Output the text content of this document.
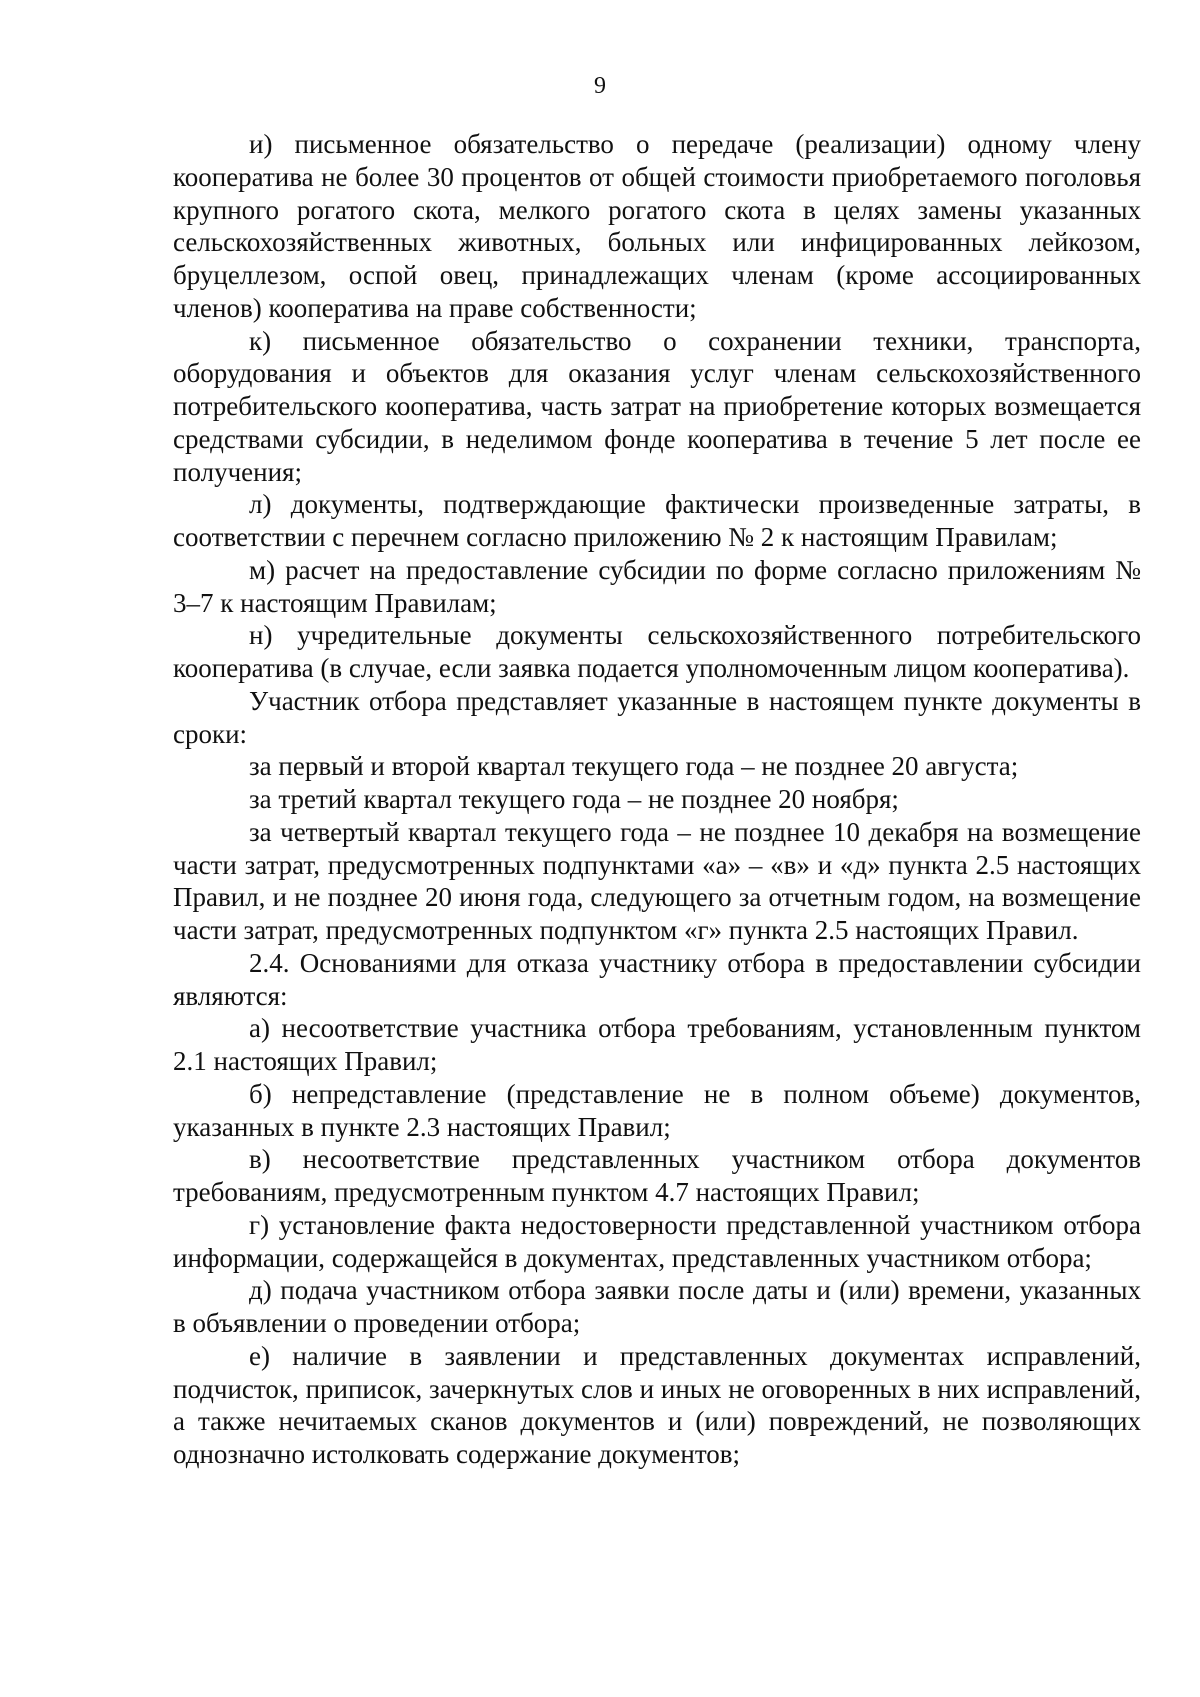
9

и) письменное обязательство о передаче (реализации) одному члену кооператива не более 30 процентов от общей стоимости приобретаемого поголовья крупного рогатого скота, мелкого рогатого скота в целях замены указанных сельскохозяйственных животных, больных или инфицированных лейкозом, бруцеллезом, оспой овец, принадлежащих членам (кроме ассоциированных членов) кооператива на праве собственности;

к) письменное обязательство о сохранении техники, транспорта, оборудования и объектов для оказания услуг членам сельскохозяйственного потребительского кооператива, часть затрат на приобретение которых возмещается средствами субсидии, в неделимом фонде кооператива в течение 5 лет после ее получения;

л) документы, подтверждающие фактически произведенные затраты, в соответствии с перечнем согласно приложению № 2 к настоящим Правилам;

м) расчет на предоставление субсидии по форме согласно приложениям № 3–7 к настоящим Правилам;

н) учредительные документы сельскохозяйственного потребительского кооператива (в случае, если заявка подается уполномоченным лицом кооператива).

Участник отбора представляет указанные в настоящем пункте документы в сроки:

за первый и второй квартал текущего года – не позднее 20 августа;

за третий квартал текущего года – не позднее 20 ноября;

за четвертый квартал текущего года – не позднее 10 декабря на возмещение части затрат, предусмотренных подпунктами «а» – «в» и «д» пункта 2.5 настоящих Правил, и не позднее 20 июня года, следующего за отчетным годом, на возмещение части затрат, предусмотренных подпунктом «г» пункта 2.5 настоящих Правил.

2.4. Основаниями для отказа участнику отбора в предоставлении субсидии являются:

а) несоответствие участника отбора требованиям, установленным пунктом 2.1 настоящих Правил;

б) непредставление (представление не в полном объеме) документов, указанных в пункте 2.3 настоящих Правил;

в) несоответствие представленных участником отбора документов требованиям, предусмотренным пунктом 4.7 настоящих Правил;

г) установление факта недостоверности представленной участником отбора информации, содержащейся в документах, представленных участником отбора;

д) подача участником отбора заявки после даты и (или) времени, указанных в объявлении о проведении отбора;

е) наличие в заявлении и представленных документах исправлений, подчисток, приписок, зачеркнутых слов и иных не оговоренных в них исправлений, а также нечитаемых сканов документов и (или) повреждений, не позволяющих однозначно истолковать содержание документов;
